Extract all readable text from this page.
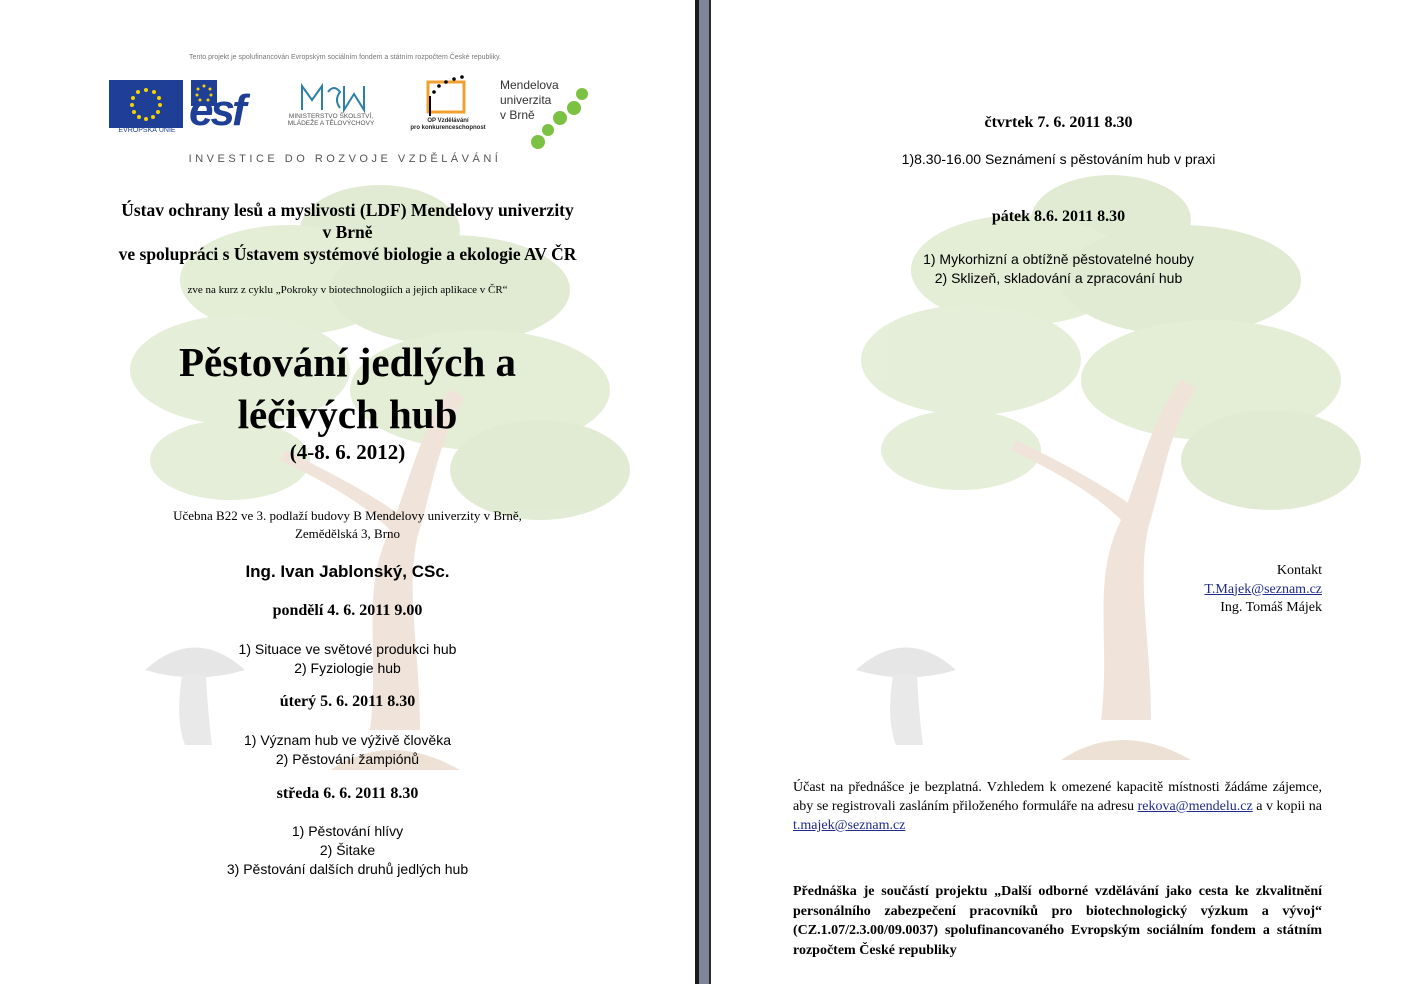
Tento projekt je spolufinancován Evropským sociálním fondem a státním rozpočtem České republiky.
EVROPSKÁ UNIE esf	MINISTERSTVO ŠKOLSTVÍ,
MLÁDEŽE A TĚLOVÝCHOVY	OP Vzdělávání
pro konkurenceschopnost
Mendelova
univerzita
v Brně
INVESTICE DO ROZVOJE VZDĚLÁVÁNÍ
Ústav ochrany lesů a myslivosti (LDF) Mendelovy univerzity
v Brně
ve spolupráci s Ústavem systémové biologie a ekologie AV ČR
zve na kurz z cyklu „Pokroky v biotechnologiích a jejich aplikace v ČR“
Pěstování jedlých a
léčivých hub
(4-8. 6. 2012)
Učebna B22 ve 3. podlaží budovy B Mendelovy univerzity v Brně,
Zemědělská 3, Brno
Ing. Ivan Jablonský, CSc.
pondělí 4. 6. 2011 9.00
1) Situace ve světové produkci hub
2) Fyziologie hub
úterý 5. 6. 2011 8.30
1) Význam hub ve výživě člověka
2) Pěstování žampiónů
středa 6. 6. 2011 8.30
1) Pěstování hlívy
2) Šitake
3) Pěstování dalších druhů jedlých hub
čtvrtek 7. 6. 2011 8.30
1)8.30-16.00 Seznámení s pěstováním hub v praxi
pátek 8.6. 2011 8.30
1) Mykorhizní a obtížně pěstovatelné houby
2) Sklizeň, skladování a zpracování hub
Kontakt
T.Majek@seznam.cz
Ing. Tomáš Májek
Účast na přednášce je bezplatná. Vzhledem k omezené kapacitě místnosti žádáme zájemce, aby se registrovali zasláním přiloženého formuláře na adresu rekova@mendelu.cz a v kopii na t.majek@seznam.cz
Přednáška je součástí projektu „Další odborné vzdělávání jako cesta ke zkvalitnění personálního zabezpečení pracovníků pro biotechnologický výzkum a vývoj“ (CZ.1.07/2.3.00/09.0037) spolufinancovaného Evropským sociálním fondem a státním rozpočtem České republiky
